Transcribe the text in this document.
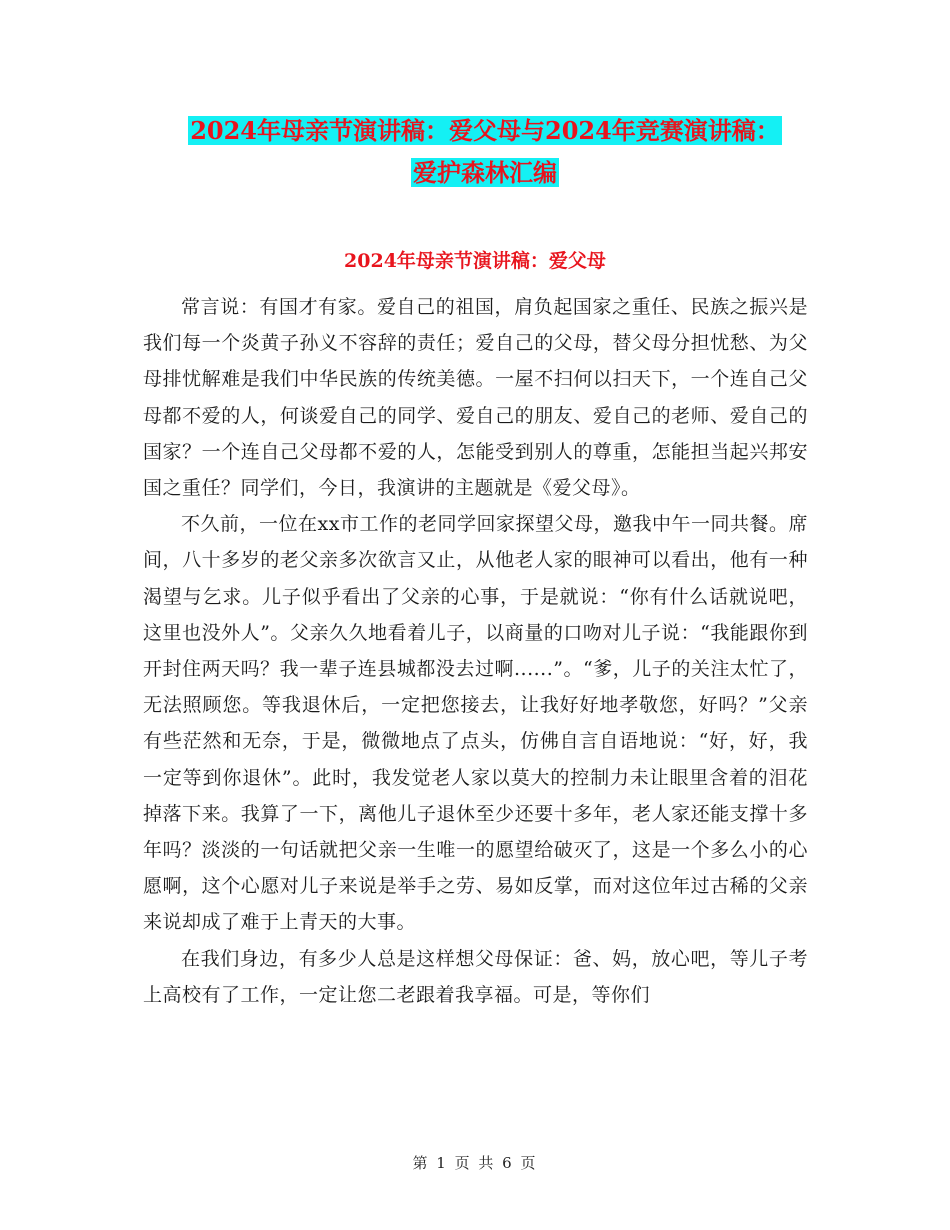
2024年母亲节演讲稿：爱父母与2024年竞赛演讲稿：
爱护森林汇编
2024年母亲节演讲稿：爱父母

常言说：有国才有家。爱自己的祖国，肩负起国家之重任、民族之振兴是我们每一个炎黄子孙义不容辞的责任；爱自己的父母，替父母分担忧愁、为父母排忧解难是我们中华民族的传统美德。一屋不扫何以扫天下，一个连自己父母都不爱的人，何谈爱自己的同学、爱自己的朋友、爱自己的老师、爱自己的国家？一个连自己父母都不爱的人，怎能受到别人的尊重，怎能担当起兴邦安国之重任？同学们，今日，我演讲的主题就是《爱父母》。

不久前，一位在xx市工作的老同学回家探望父母，邀我中午一同共餐。席间，八十多岁的老父亲多次欲言又止，从他老人家的眼神可以看出，他有一种渴望与乞求。儿子似乎看出了父亲的心事，于是就说：“你有什么话就说吧，这里也没外人”。父亲久久地看着儿子，以商量的口吻对儿子说：“我能跟你到开封住两天吗？我一辈子连县城都没去过啊......”。“爹，儿子的关注太忙了，无法照顾您。等我退休后，一定把您接去，让我好好地孝敬您，好吗？”父亲有些茫然和无奈，于是，微微地点了点头，仿佛自言自语地说：“好，好，我一定等到你退休”。此时，我发觉老人家以莫大的控制力未让眼里含着的泪花掉落下来。我算了一下，离他儿子退休至少还要十多年，老人家还能支撑十多年吗？淡淡的一句话就把父亲一生唯一的愿望给破灭了，这是一个多么小的心愿啊，这个心愿对儿子来说是举手之劳、易如反掌，而对这位年过古稀的父亲来说却成了难于上青天的大事。

在我们身边，有多少人总是这样想父母保证：爸、妈，放心吧，等儿子考上高校有了工作，一定让您二老跟着我享福。可是，等你们

第 1 页 共 6 页
